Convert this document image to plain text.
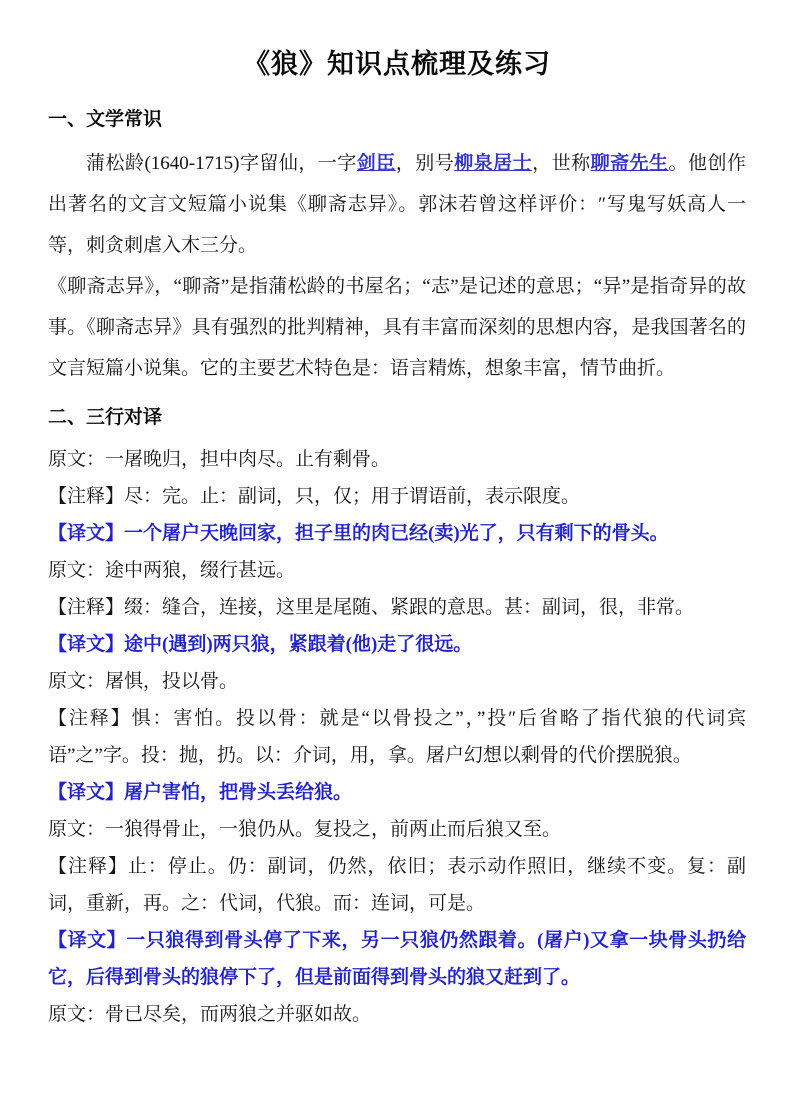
《狼》知识点梳理及练习
一、文学常识

蒲松龄(1640-1715)字留仙，一字剑臣，别号柳泉居士，世称聊斋先生。他创作出著名的文言文短篇小说集《聊斋志异》。郭沫若曾这样评价：″写鬼写妖高人一等，刺贪刺虐入木三分。

《聊斋志异》，“聊斋”是指蒲松龄的书屋名；“志”是记述的意思；“异”是指奇异的故事。《聊斋志异》具有强烈的批判精神，具有丰富而深刻的思想内容，是我国著名的文言短篇小说集。它的主要艺术特色是：语言精炼，想象丰富，情节曲折。

二、三行对译

原文：一屠晚归，担中肉尽。止有剩骨。

【注释】尽：完。止：副词，只，仅；用于谓语前，表示限度。

【译文】一个屠户天晚回家，担子里的肉已经(卖)光了，只有剩下的骨头。

原文：途中两狼，缀行甚远。

【注释】缀：缝合，连接，这里是尾随、紧跟的意思。甚：副词，很，非常。

【译文】途中(遇到)两只狼，紧跟着(他)走了很远。

原文：屠惧，投以骨。

【注释】惧：害怕。投以骨：就是“以骨投之”，”投″后省略了指代狼的代词宾语”之”字。投：抛，扔。以：介词，用，拿。屠户幻想以剩骨的代价摆脱狼。

【译文】屠户害怕，把骨头丢给狼。

原文：一狼得骨止，一狼仍从。复投之，前两止而后狼又至。

【注释】止：停止。仍：副词，仍然，依旧；表示动作照旧，继续不变。复：副词，重新，再。之：代词，代狼。而：连词，可是。

【译文】一只狼得到骨头停了下来，另一只狼仍然跟着。(屠户)又拿一块骨头扔给它，后得到骨头的狼停下了，但是前面得到骨头的狼又赶到了。

原文：骨已尽矣，而两狼之并驱如故。
